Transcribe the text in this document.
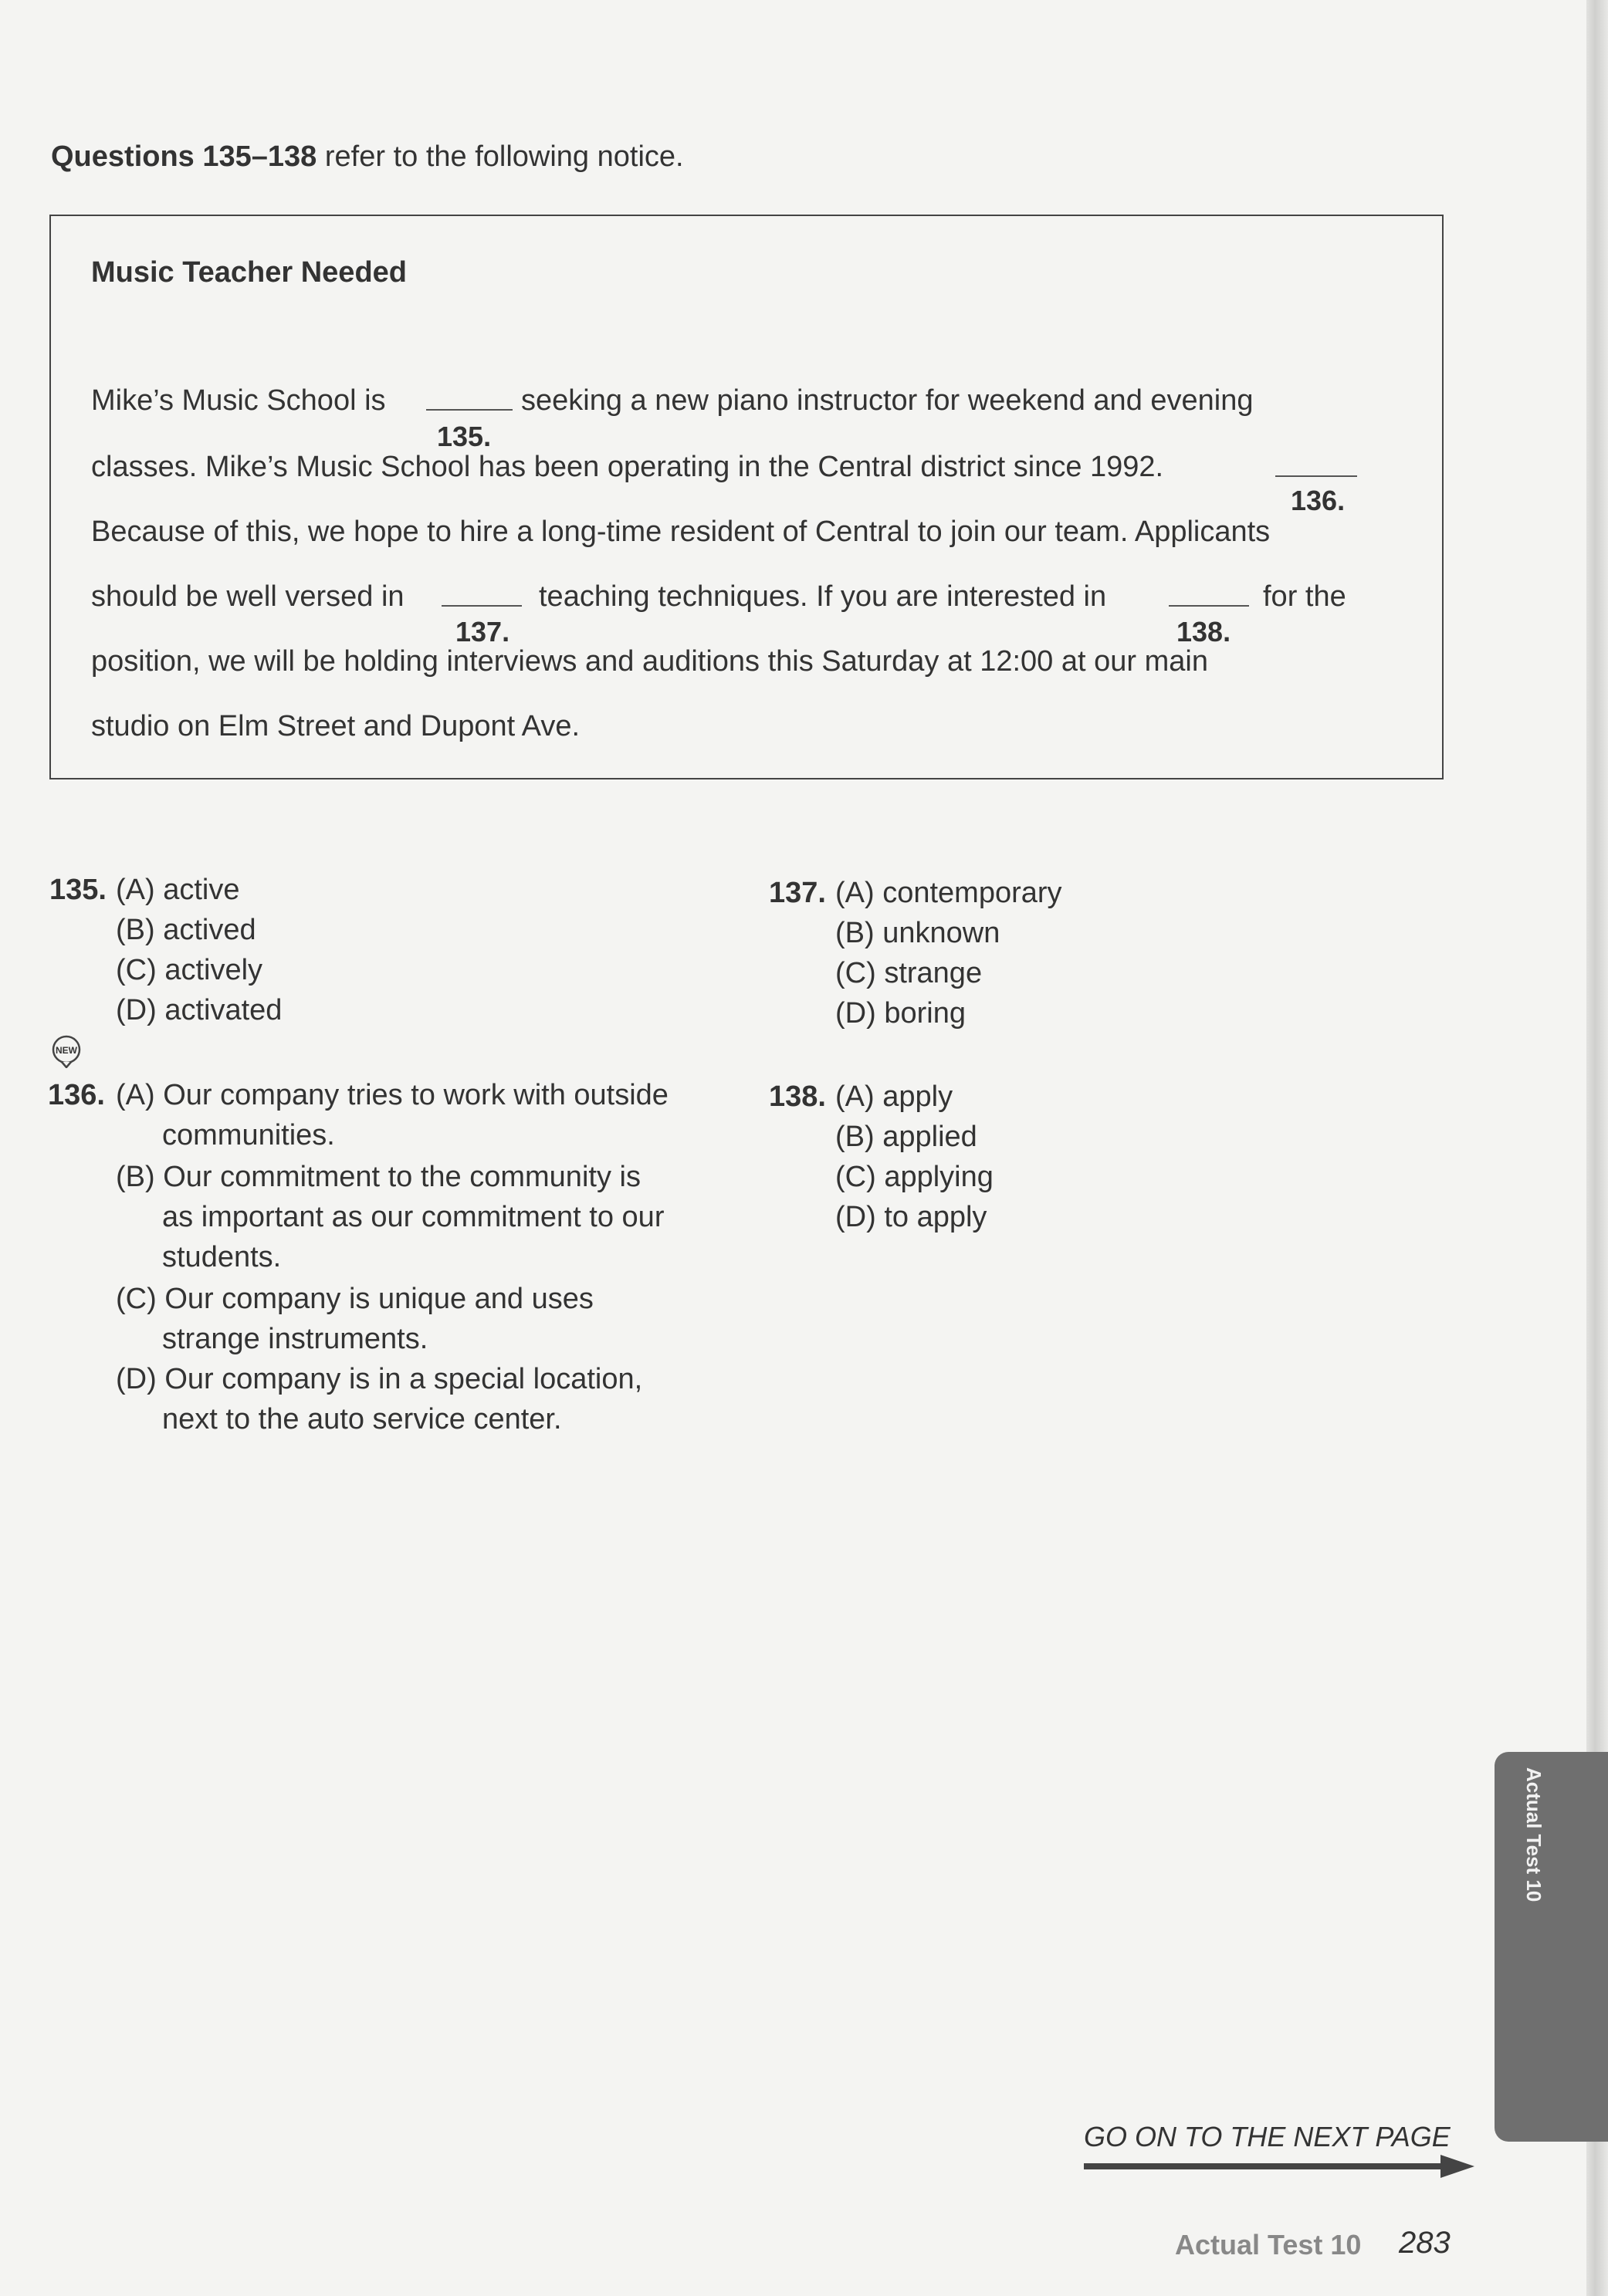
Questions 135–138 refer to the following notice.
Music Teacher Needed
Mike’s Music School is
135.
seeking a new piano instructor for weekend and evening
classes. Mike’s Music School has been operating in the Central district since 1992.
136.
Because of this, we hope to hire a long-time resident of Central to join our team. Applicants
should be well versed in
137.
teaching techniques. If you are interested in
138.
for the
position, we will be holding interviews and auditions this Saturday at 12:00 at our main
studio on Elm Street and Dupont Ave.
135. (A) active
(B) actived
(C) actively
(D) activated
NEW
136. (A) Our company tries to work with outside
communities.
(B) Our commitment to the community is
as important as our commitment to our
students.
(C) Our company is unique and uses
strange instruments.
(D) Our company is in a special location,
next to the auto service center.
137. (A) contemporary
(B) unknown
(C) strange
(D) boring
138. (A) apply
(B) applied
(C) applying
(D) to apply
Actual Test 10
GO ON TO THE NEXT PAGE
Actual Test 10 283
